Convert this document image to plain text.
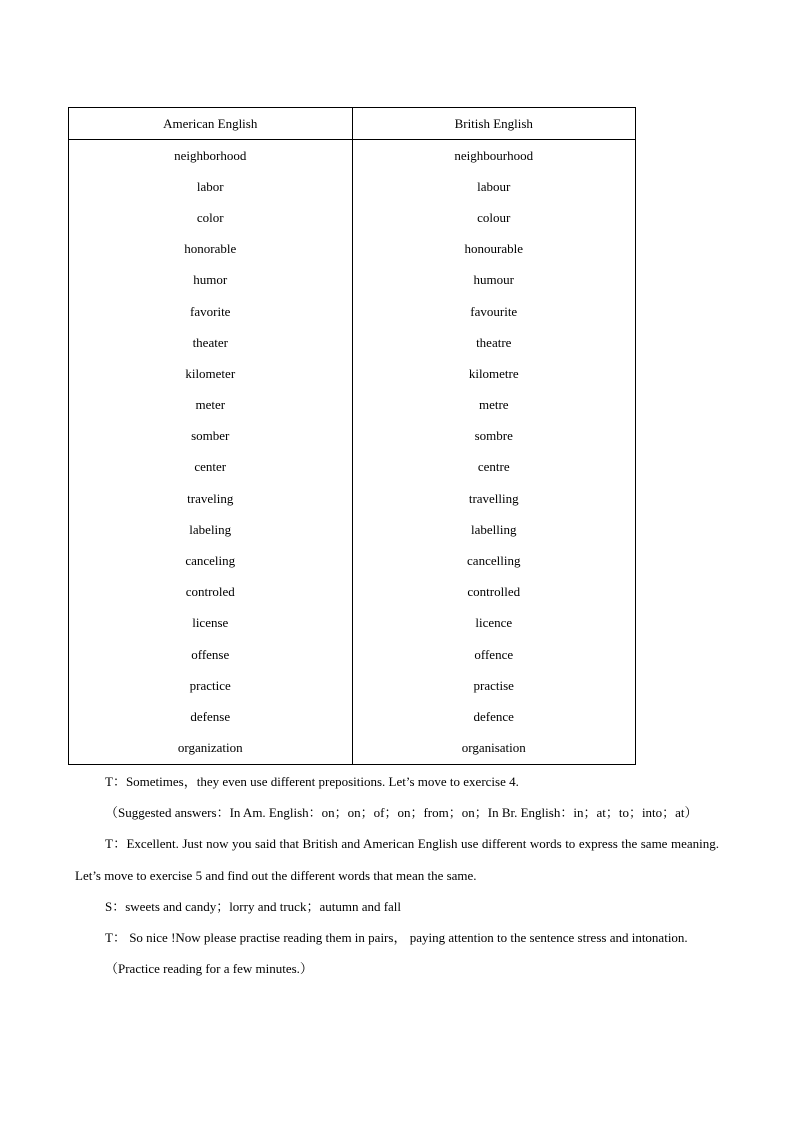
American English	British English
neighborhood	neighbourhood
labor	labour
color	colour
honorable	honourable
humor	humour
favorite	favourite
theater	theatre
kilometer	kilometre
meter	metre
somber	sombre
center	centre
traveling	travelling
labeling	labelling
canceling	cancelling
controled	controlled
license	licence
offense	offence
practice	practise
defense	defence
organization	organisation

T：Sometimes，they even use different prepositions. Let’s move to exercise 4.

（Suggested answers：In Am. English：on；on；of；on；from；on；In Br. English：in；at；to；into；at）

T：Excellent. Just now you said that British and American English use different words to express the same meaning. Let’s move to exercise 5 and find out the different words that mean the same.

S：sweets and candy；lorry and truck；autumn and fall

T： So nice !Now please practise reading them in pairs， paying attention to the sentence stress and intonation.

（Practice reading for a few minutes.）
